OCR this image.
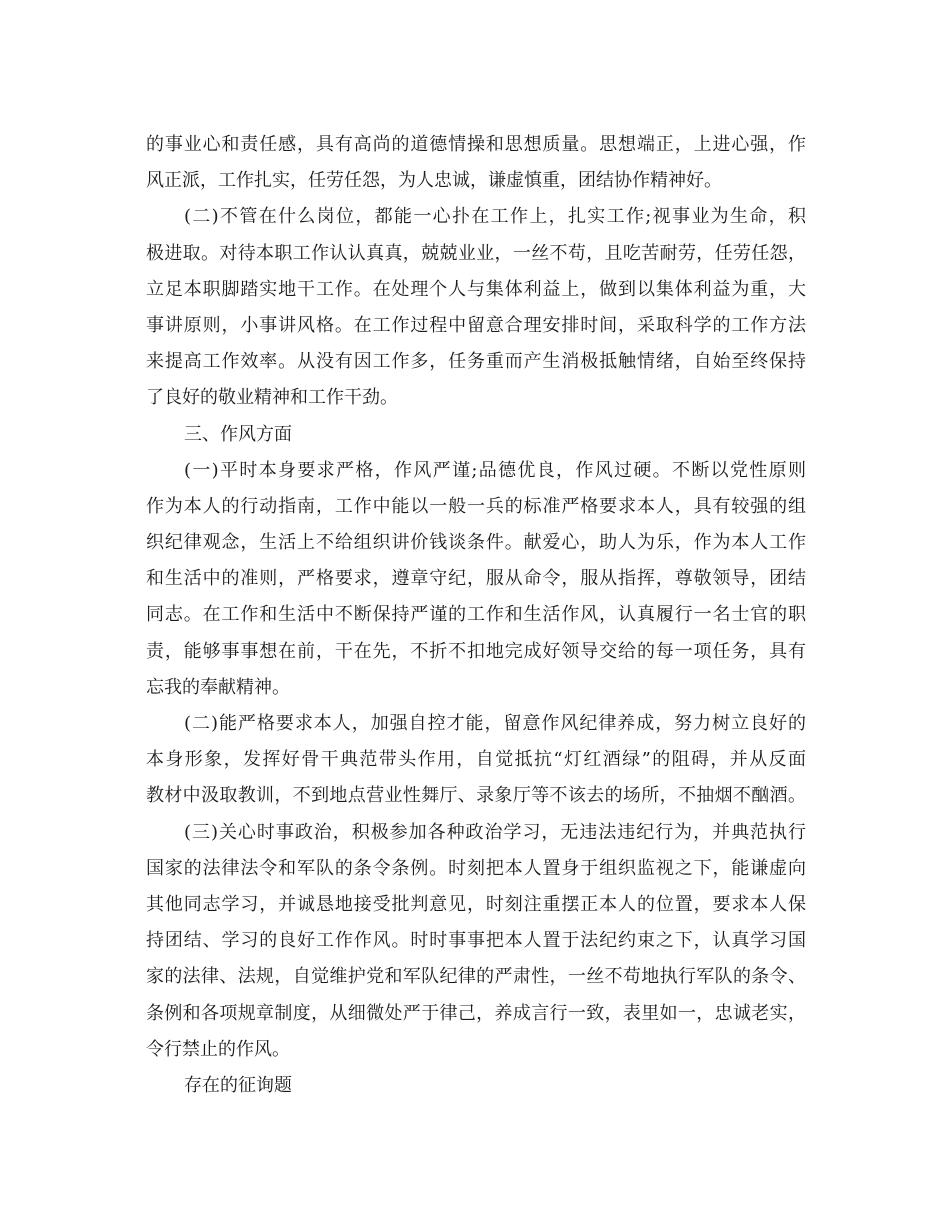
的事业心和责任感，具有高尚的道德情操和思想质量。思想端正，上进心强，作
风正派，工作扎实，任劳任怨，为人忠诚，谦虚慎重，团结协作精神好。
(二)不管在什么岗位，都能一心扑在工作上，扎实工作;视事业为生命，积
极进取。对待本职工作认认真真，兢兢业业，一丝不苟，且吃苦耐劳，任劳任怨，
立足本职脚踏实地干工作。在处理个人与集体利益上，做到以集体利益为重，大
事讲原则，小事讲风格。在工作过程中留意合理安排时间，采取科学的工作方法
来提高工作效率。从没有因工作多，任务重而产生消极抵触情绪，自始至终保持
了良好的敬业精神和工作干劲。
三、作风方面
(一)平时本身要求严格，作风严谨;品德优良，作风过硬。不断以党性原则
作为本人的行动指南，工作中能以一般一兵的标准严格要求本人，具有较强的组
织纪律观念，生活上不给组织讲价钱谈条件。献爱心，助人为乐，作为本人工作
和生活中的准则，严格要求，遵章守纪，服从命令，服从指挥，尊敬领导，团结
同志。在工作和生活中不断保持严谨的工作和生活作风，认真履行一名士官的职
责，能够事事想在前，干在先，不折不扣地完成好领导交给的每一项任务，具有
忘我的奉献精神。
(二)能严格要求本人，加强自控才能，留意作风纪律养成，努力树立良好的
本身形象，发挥好骨干典范带头作用，自觉抵抗“灯红酒绿”的阻碍，并从反面
教材中汲取教训，不到地点营业性舞厅、录象厅等不该去的场所，不抽烟不酗酒。
(三)关心时事政治，积极参加各种政治学习，无违法违纪行为，并典范执行
国家的法律法令和军队的条令条例。时刻把本人置身于组织监视之下，能谦虚向
其他同志学习，并诚恳地接受批判意见，时刻注重摆正本人的位置，要求本人保
持团结、学习的良好工作作风。时时事事把本人置于法纪约束之下，认真学习国
家的法律、法规，自觉维护党和军队纪律的严肃性，一丝不苟地执行军队的条令、
条例和各项规章制度，从细微处严于律己，养成言行一致，表里如一，忠诚老实，
令行禁止的作风。
存在的征询题
